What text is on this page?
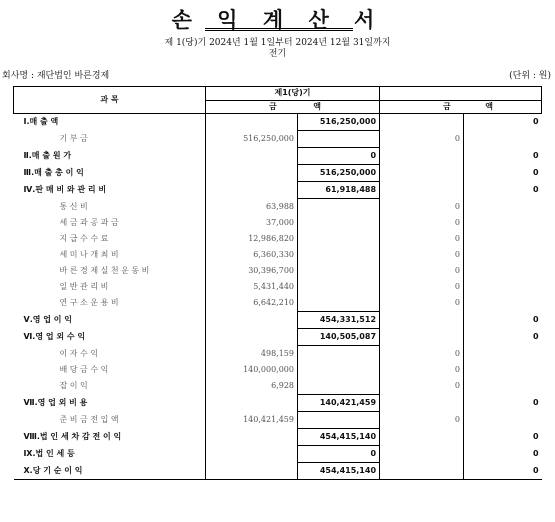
손 익 계 산 서
제 1(당)기 2024년 1월 1일부터 2024년 12월 31일까지
전기
회사명 : 재단법인 바른경제	(단위 : 원)
과 목	제1(당)기			

	금 액		금 액	

Ⅰ.매 출 액		516,250,000		0
기 부 금	516,250,000		0	
Ⅱ.매 출 원 가		0		0
Ⅲ.매 출 총 이 익		516,250,000		0
Ⅳ.판 매 비 와 관 리 비		61,918,488		0
통 신 비	63,988		0	
세 금 과 공 과 금	37,000		0	
지 급 수 수 료	12,986,820		0	
세 미 나 개 최 비	6,360,330		0	
바 른 경 제 실 천 운 동 비	30,396,700		0	
일 반 관 리 비	5,431,440		0	
연 구 소 운 용 비	6,642,210		0	
Ⅴ.영 업 이 익		454,331,512		0
Ⅵ.영 업 외 수 익		140,505,087		0
이 자 수 익	498,159		0	
배 당 금 수 익	140,000,000		0	
잡 이 익	6,928		0	
Ⅶ.영 업 외 비 용		140,421,459		0
준 비 금 전 입 액	140,421,459		0	
Ⅷ.법 인 세 차 감 전 이 익		454,415,140		0
Ⅸ.법 인 세 등		0		0
Ⅹ.당 기 순 이 익		454,415,140		0
